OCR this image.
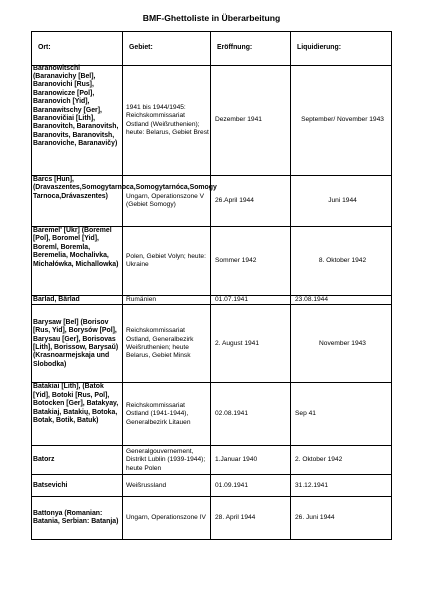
BMF-Ghettoliste in Überarbeitung
Ort:	Gebiet:	Eröffnung:	Liquidierung:

Baranowitschi (Baranavichy [Bel], Baranovichi [Rus], Baranowicze [Pol], Baranovich [Yid], Baranawitschy [Ger], Baranovičiai [Lith], Baranovitch, Baranovitsh, Baranovits, Baranovitsh, Baranoviche, Baranavičy)	1941 bis 1944/1945: Reichskommissariat Ostland (Weißruthenien); heute: Belarus, Gebiet Brest	Dezember 1941	September/ November 1943

Barcs [Hun], (Dravaszentes,Somogytarnoca,Somogytarnóca,Somogy Tarnoca,Drávaszentes)	Ungarn, Operationszone V (Gebiet Somogy)	26.April 1944	Juni 1944

Baremel' [Ukr] (Boremel [Pol], Boromel [Yid], Boreml, Boremla, Beremelia, Mochalivka, Michałówka, Michallowka)	Polen, Gebiet Volyn; heute: Ukraine	Sommer 1942	8. Oktober 1942
Barlad, Bârlad	Rumänien	01.07.1941	23.08.1944
Barysaw [Bel] (Borisov [Rus, Yid], Borysów [Pol], Barysau [Ger], Borisovas [Lith], Borissow, Barysaŭ) (Krasnoarmejskaja und Slobodka)	Reichskommissariat Ostland, Generalbezirk Weißruthenien; heute Belarus, Gebiet Minsk	2. August 1941	November 1943

Batakiai [Lith], (Batok [Yid], Botoki [Rus, Pol], Botocken [Ger], Batakyay, Batakiaj, Batakių, Botoka, Botak, Botik, Batuk)	Reichskommissariat Ostland (1941-1944), Generalbezirk Litauen	02.08.1941	Sep 41
Batorz	Generalgouvernement, Distrikt Lublin (1939-1944); heute Polen	1.Januar 1940	2. Oktober 1942
Batsevichi	Weißrussland	01.09.1941	31.12.1941
Battonya (Romanian: Batania, Serbian: Batanja)	Ungarn, Operationszone IV	28. April 1944	26. Juni 1944
